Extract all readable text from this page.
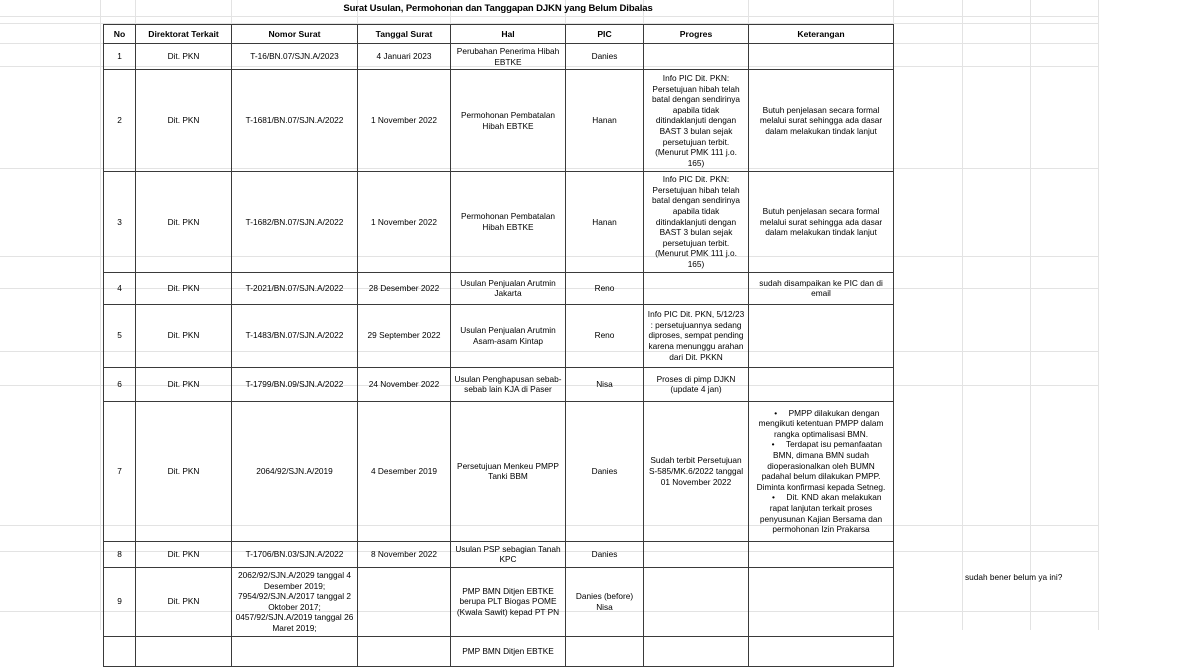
Surat Usulan, Permohonan dan Tanggapan DJKN yang Belum Dibalas
No	Direktorat Terkait	Nomor Surat	Tanggal Surat	Hal	PIC	Progres	Keterangan
1	Dit. PKN	T-16/BN.07/SJN.A/2023	4 Januari 2023	Perubahan Penerima Hibah EBTKE	Danies		
2	Dit. PKN	T-1681/BN.07/SJN.A/2022	1 November 2022	Permohonan Pembatalan Hibah EBTKE	Hanan	Info PIC Dit. PKN: Persetujuan hibah telah batal dengan sendirinya apabila tidak ditindaklanjuti dengan BAST 3 bulan sejak persetujuan terbit. (Menurut PMK 111 j.o. 165)	Butuh penjelasan secara formal melalui surat sehingga ada dasar dalam melakukan tindak lanjut
3	Dit. PKN	T-1682/BN.07/SJN.A/2022	1 November 2022	Permohonan Pembatalan Hibah EBTKE	Hanan	Info PIC Dit. PKN: Persetujuan hibah telah batal dengan sendirinya apabila tidak ditindaklanjuti dengan BAST 3 bulan sejak persetujuan terbit. (Menurut PMK 111 j.o. 165)	Butuh penjelasan secara formal melalui surat sehingga ada dasar dalam melakukan tindak lanjut
4	Dit. PKN	T-2021/BN.07/SJN.A/2022	28 Desember 2022	Usulan Penjualan Arutmin Jakarta	Reno		sudah disampaikan ke PIC dan di email
5	Dit. PKN	T-1483/BN.07/SJN.A/2022	29 September 2022	Usulan Penjualan Arutmin Asam-asam Kintap	Reno	Info PIC Dit. PKN, 5/12/23 : persetujuannya sedang diproses, sempat pending karena menunggu arahan dari Dit. PKKN	
6	Dit. PKN	T-1799/BN.09/SJN.A/2022	24 November 2022	Usulan Penghapusan sebab-sebab lain KJA di Paser	Nisa	Proses di pimp DJKN (update 4 jan)	
7	Dit. PKN	2064/92/SJN.A/2019	4 Desember 2019	Persetujuan Menkeu PMPP Tanki BBM	Danies	Sudah terbit Persetujuan S-585/MK.6/2022 tanggal 01 November 2022	• PMPP dilakukan dengan mengikuti ketentuan PMPP dalam rangka optimalisasi BMN.

• Terdapat isu pemanfaatan BMN, dimana BMN sudah dioperasionalkan oleh BUMN padahal belum dilakukan PMPP. Diminta konfirmasi kepada Setneg.

• Dit. KND akan melakukan rapat lanjutan terkait proses penyusunan Kajian Bersama dan permohonan Izin Prakarsa

8	Dit. PKN	T-1706/BN.03/SJN.A/2022	8 November 2022	Usulan PSP sebagian Tanah KPC	Danies		
9	Dit. PKN	2062/92/SJN.A/2029 tanggal 4 Desember 2019; 7954/92/SJN.A/2017 tanggal 2 Oktober 2017; 0457/92/SJN.A/2019 tanggal 26 Maret 2019;		PMP BMN Ditjen EBTKE berupa PLT Biogas POME (Kwala Sawit) kepad PT PN	Danies (before) Nisa		
				PMP BMN Ditjen EBTKE			
sudah bener belum ya ini?
